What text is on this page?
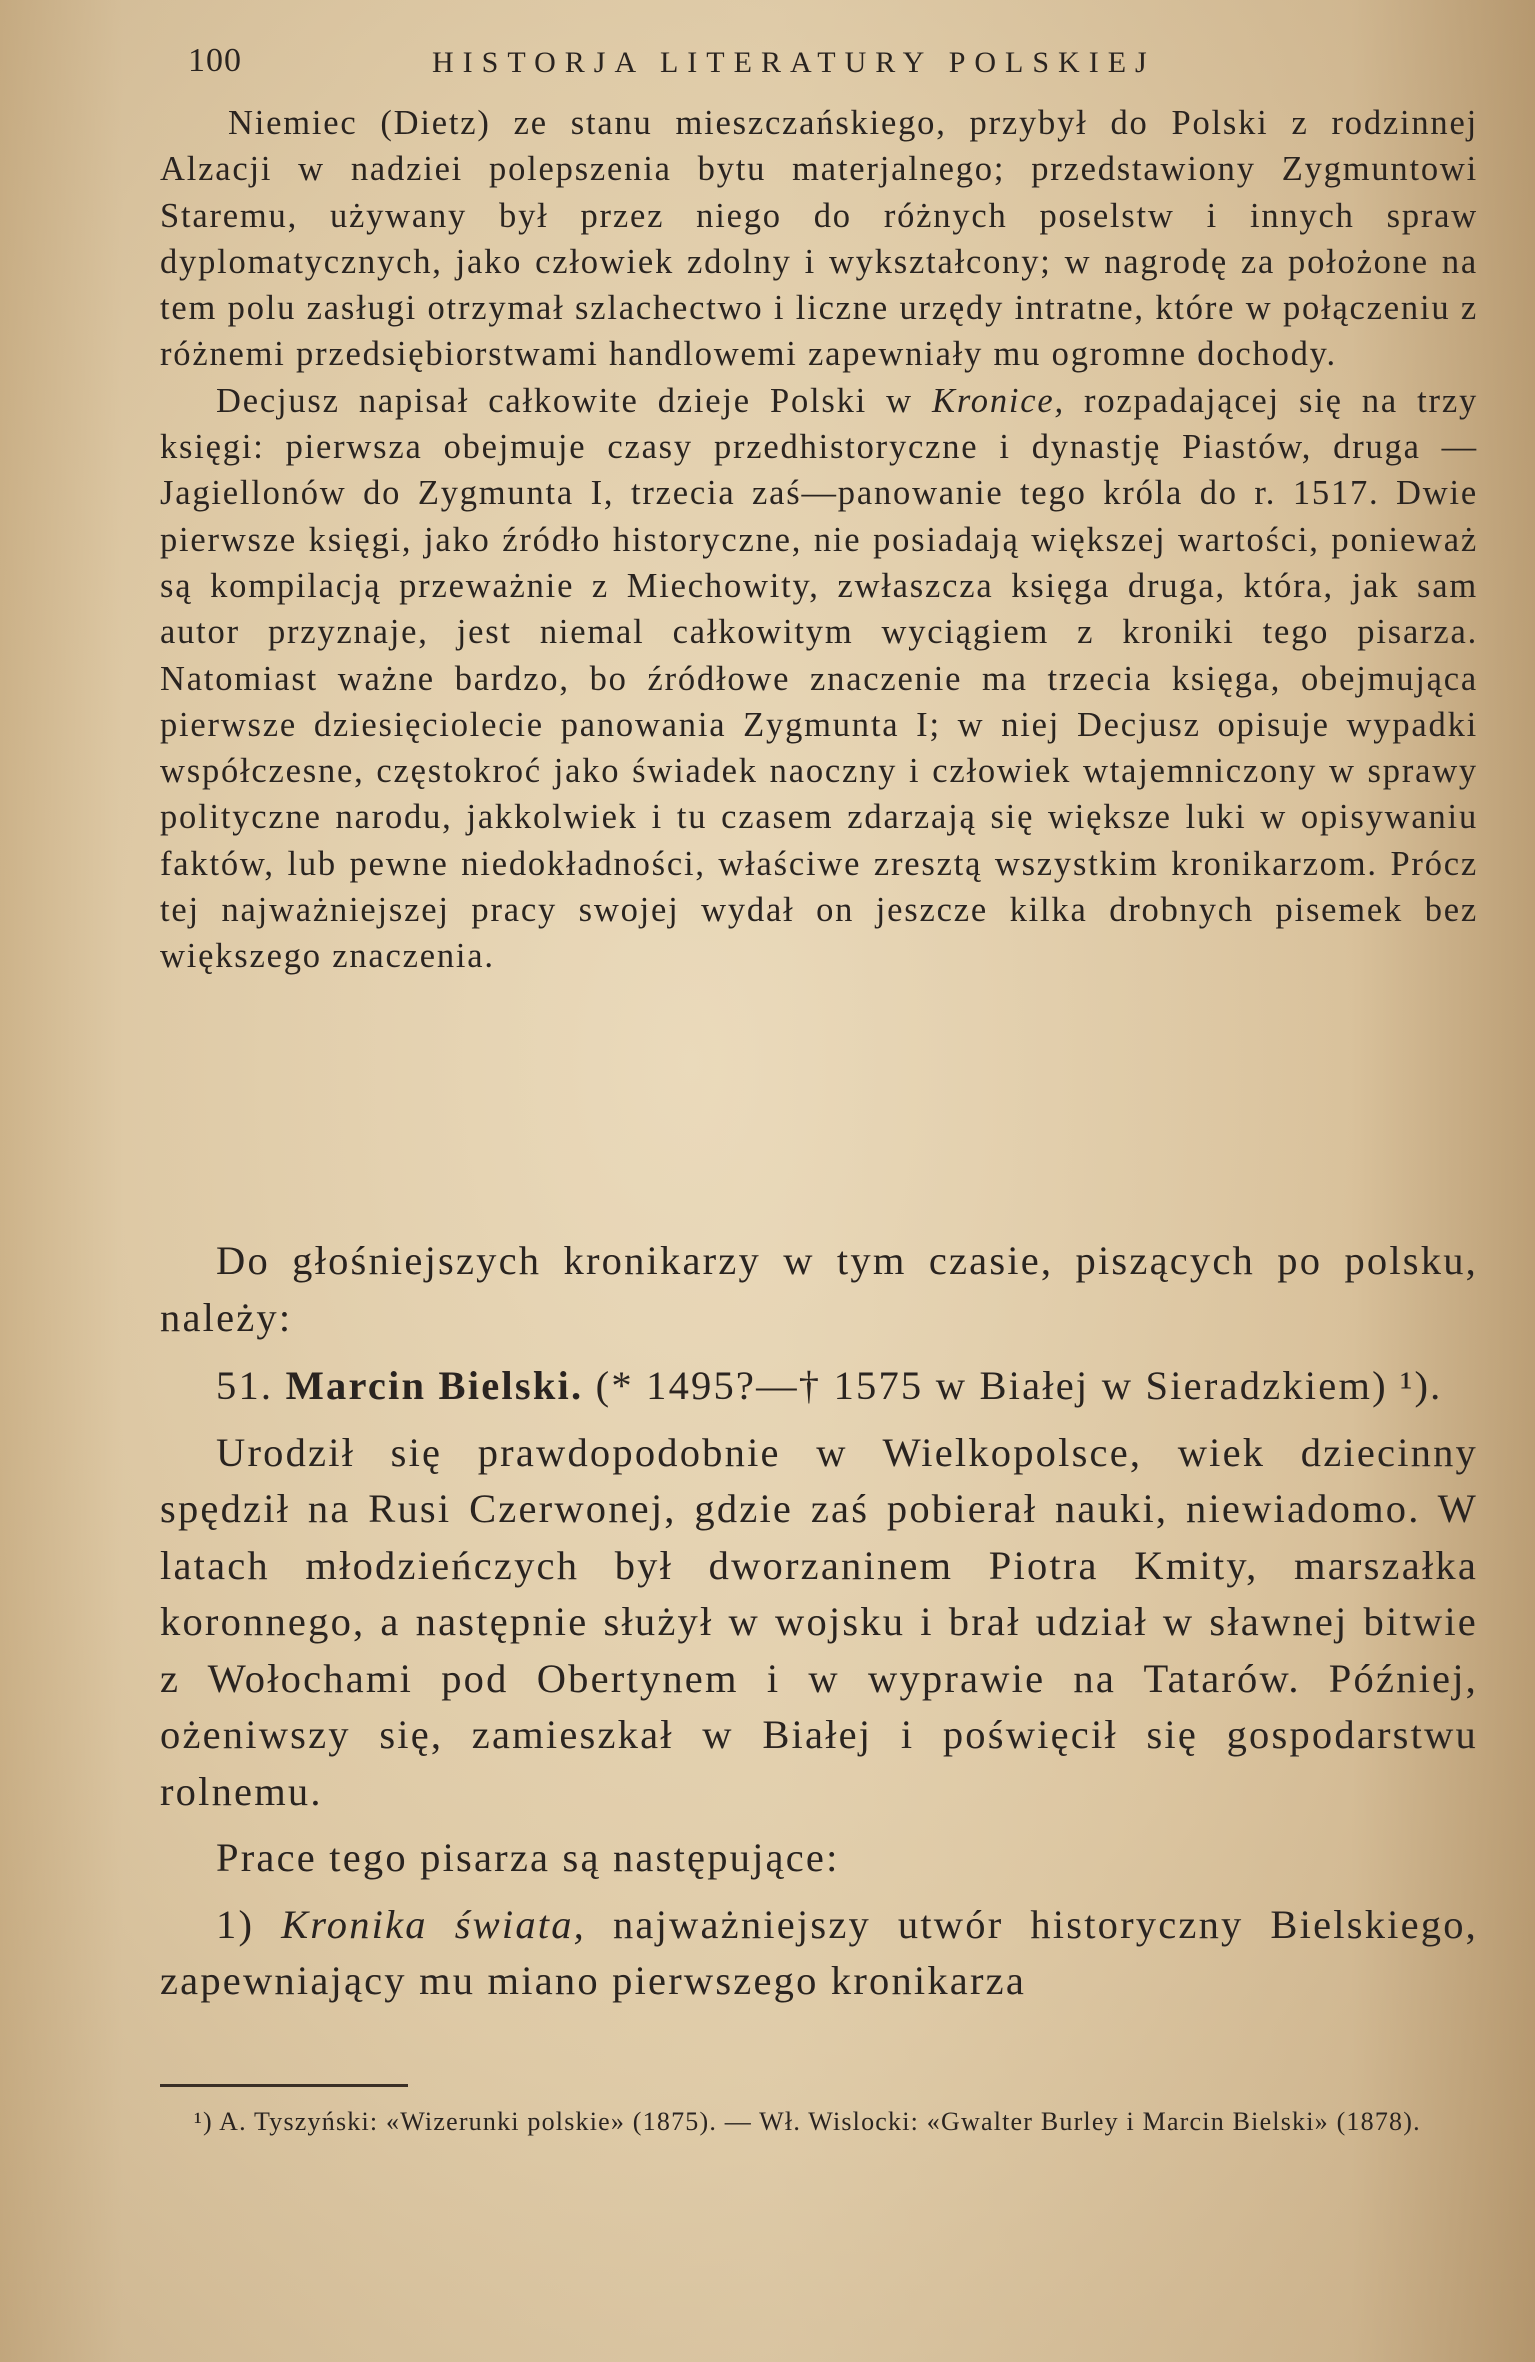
100	HISTORJA LITERATURY POLSKIEJ

Niemiec (Dietz) ze stanu mieszczańskiego, przybył do Polski z rodzinnej Alzacji w nadziei polepszenia bytu materjalnego; przedstawiony Zygmuntowi Staremu, używany był przez niego do różnych poselstw i innych spraw dyplomatycznych, jako człowiek zdolny i wykształcony; w nagrodę za położone na tem polu zasługi otrzymał szlachectwo i liczne urzędy intratne, które w połączeniu z różnemi przedsiębiorstwami handlowemi zapewniały mu ogromne dochody.

Decjusz napisał całkowite dzieje Polski w Kronice, rozpadającej się na trzy księgi: pierwsza obejmuje czasy przedhistoryczne i dynastję Piastów, druga — Jagiellonów do Zygmunta I, trzecia zaś—panowanie tego króla do r. 1517. Dwie pierwsze księgi, jako źródło historyczne, nie posiadają większej wartości, ponieważ są kompilacją przeważnie z Miechowity, zwłaszcza księga druga, która, jak sam autor przyznaje, jest niemal całkowitym wyciągiem z kroniki tego pisarza. Natomiast ważne bardzo, bo źródłowe znaczenie ma trzecia księga, obejmująca pierwsze dziesięciolecie panowania Zygmunta I; w niej Decjusz opisuje wypadki współczesne, częstokroć jako świadek naoczny i człowiek wtajemniczony w sprawy polityczne narodu, jakkolwiek i tu czasem zdarzają się większe luki w opisywaniu faktów, lub pewne niedokładności, właściwe zresztą wszystkim kronikarzom. Prócz tej najważniejszej pracy swojej wydał on jeszcze kilka drobnych pisemek bez większego znaczenia.

Do głośniejszych kronikarzy w tym czasie, piszących po polsku, należy:

51. Marcin Bielski. (* 1495?—† 1575 w Białej w Sieradzkiem) ¹).

Urodził się prawdopodobnie w Wielkopolsce, wiek dziecinny spędził na Rusi Czerwonej, gdzie zaś pobierał nauki, niewiadomo. W latach młodzieńczych był dworzaninem Piotra Kmity, marszałka koronnego, a następnie służył w wojsku i brał udział w sławnej bitwie z Wołochami pod Obertynem i w wyprawie na Tatarów. Później, ożeniwszy się, zamieszkał w Białej i poświęcił się gospodarstwu rolnemu.

Prace tego pisarza są następujące:

1) Kronika świata, najważniejszy utwór historyczny Bielskiego, zapewniający mu miano pierwszego kronikarza

¹) A. Tyszyński: «Wizerunki polskie» (1875). — Wł. Wislocki: «Gwalter Burley i Marcin Bielski» (1878).
